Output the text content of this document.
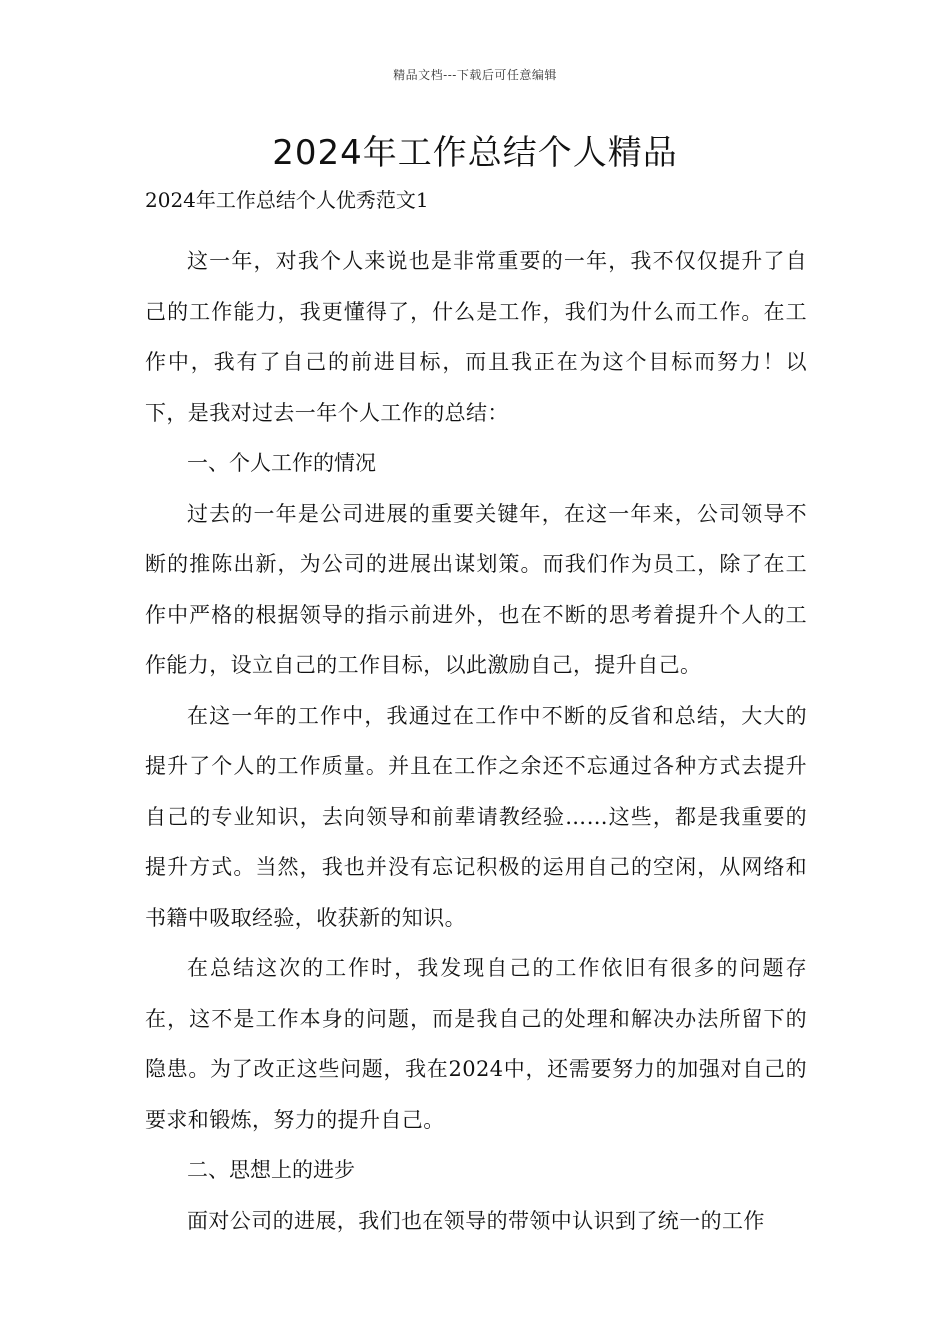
精品文档---下载后可任意编辑
2024年工作总结个人精品

2024年工作总结个人优秀范文1

这一年，对我个人来说也是非常重要的一年，我不仅仅提升了自己的工作能力，我更懂得了，什么是工作，我们为什么而工作。在工作中，我有了自己的前进目标，而且我正在为这个目标而努力！以下，是我对过去一年个人工作的总结：

一、个人工作的情况

过去的一年是公司进展的重要关键年，在这一年来，公司领导不断的推陈出新，为公司的进展出谋划策。而我们作为员工，除了在工作中严格的根据领导的指示前进外，也在不断的思考着提升个人的工作能力，设立自己的工作目标，以此激励自己，提升自己。

在这一年的工作中，我通过在工作中不断的反省和总结，大大的提升了个人的工作质量。并且在工作之余还不忘通过各种方式去提升自己的专业知识，去向领导和前辈请教经验……这些，都是我重要的提升方式。当然，我也并没有忘记积极的运用自己的空闲，从网络和书籍中吸取经验，收获新的知识。

在总结这次的工作时，我发现自己的工作依旧有很多的问题存在，这不是工作本身的问题，而是我自己的处理和解决办法所留下的隐患。为了改正这些问题，我在2024中，还需要努力的加强对自己的要求和锻炼，努力的提升自己。

二、思想上的进步

面对公司的进展，我们也在领导的带领中认识到了统一的工作
